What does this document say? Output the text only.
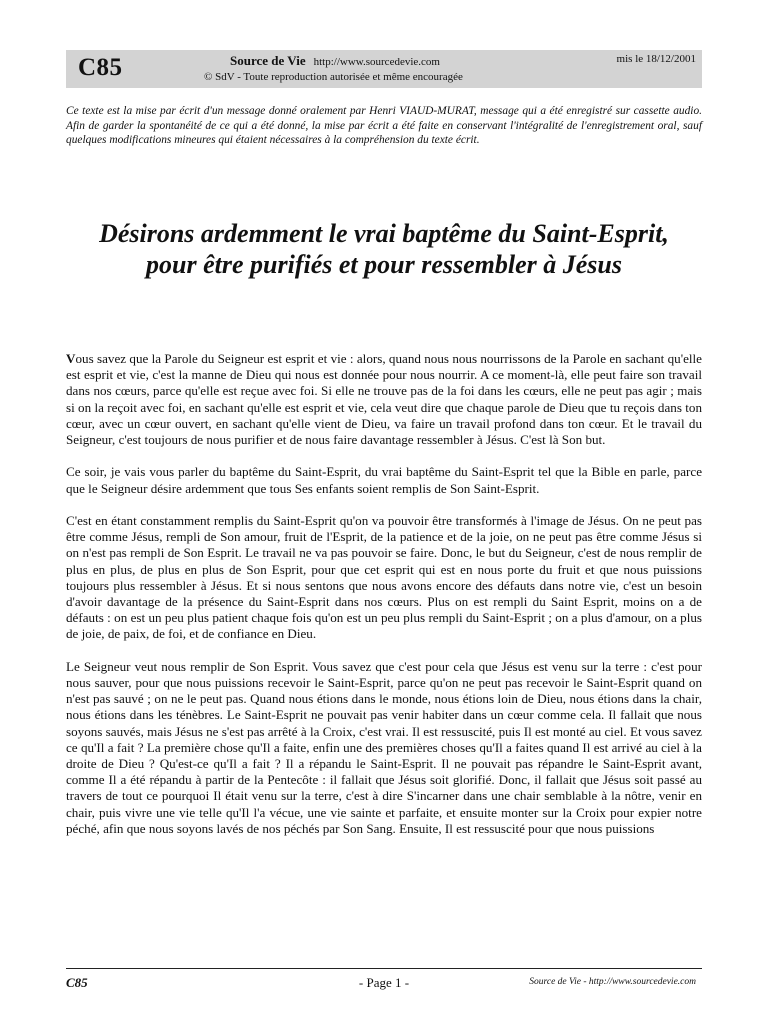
C85	Source de Vie http://www.sourcedevie.com
© SdV - Toute reproduction autorisée et même encouragée
mis le 18/12/2001
Ce texte est la mise par écrit d'un message donné oralement par Henri VIAUD-MURAT, message qui a été enregistré sur cassette audio. Afin de garder la spontanéité de ce qui a été donné, la mise par écrit a été faite en conservant l'intégralité de l'enregistrement oral, sauf quelques modifications mineures qui étaient nécessaires à la compréhension du texte écrit.
Désirons ardemment le vrai baptême du Saint-Esprit,
pour être purifiés et pour ressembler à Jésus

Vous savez que la Parole du Seigneur est esprit et vie : alors, quand nous nous nourrissons de la Parole en sachant qu'elle est esprit et vie, c'est la manne de Dieu qui nous est donnée pour nous nourrir. A ce moment-là, elle peut faire son travail dans nos cœurs, parce qu'elle est reçue avec foi. Si elle ne trouve pas de la foi dans les cœurs, elle ne peut pas agir ; mais si on la reçoit avec foi, en sachant qu'elle est esprit et vie, cela veut dire que chaque parole de Dieu que tu reçois dans ton cœur, avec un cœur ouvert, en sachant qu'elle vient de Dieu, va faire un travail profond dans ton cœur. Et le travail du Seigneur, c'est toujours de nous purifier et de nous faire davantage ressembler à Jésus. C'est là Son but.

Ce soir, je vais vous parler du baptême du Saint-Esprit, du vrai baptême du Saint-Esprit tel que la Bible en parle, parce que le Seigneur désire ardemment que tous Ses enfants soient remplis de Son Saint-Esprit.

C'est en étant constamment remplis du Saint-Esprit qu'on va pouvoir être transformés à l'image de Jésus. On ne peut pas être comme Jésus, rempli de Son amour, fruit de l'Esprit, de la patience et de la joie, on ne peut pas être comme Jésus si on n'est pas rempli de Son Esprit. Le travail ne va pas pouvoir se faire. Donc, le but du Seigneur, c'est de nous remplir de plus en plus, de plus en plus de Son Esprit, pour que cet esprit qui est en nous porte du fruit et que nous puissions toujours plus ressembler à Jésus. Et si nous sentons que nous avons encore des défauts dans notre vie, c'est un besoin d'avoir davantage de la présence du Saint-Esprit dans nos cœurs. Plus on est rempli du Saint Esprit, moins on a de défauts : on est un peu plus patient chaque fois qu'on est un peu plus rempli du Saint-Esprit ; on a plus d'amour, on a plus de joie, de paix, de foi, et de confiance en Dieu.

Le Seigneur veut nous remplir de Son Esprit. Vous savez que c'est pour cela que Jésus est venu sur la terre : c'est pour nous sauver, pour que nous puissions recevoir le Saint-Esprit, parce qu'on ne peut pas recevoir le Saint-Esprit quand on n'est pas sauvé ; on ne le peut pas. Quand nous étions dans le monde, nous étions loin de Dieu, nous étions dans la chair, nous étions dans les ténèbres. Le Saint-Esprit ne pouvait pas venir habiter dans un cœur comme cela. Il fallait que nous soyons sauvés, mais Jésus ne s'est pas arrêté à la Croix, c'est vrai. Il est ressuscité, puis Il est monté au ciel. Et vous savez ce qu'Il a fait ? La première chose qu'Il a faite, enfin une des premières choses qu'Il a faites quand Il est arrivé au ciel à la droite de Dieu ? Qu'est-ce qu'Il a fait ? Il a répandu le Saint-Esprit. Il ne pouvait pas répandre le Saint-Esprit avant, comme Il a été répandu à partir de la Pentecôte : il fallait que Jésus soit glorifié. Donc, il fallait que Jésus soit passé au travers de tout ce pourquoi Il était venu sur la terre, c'est à dire S'incarner dans une chair semblable à la nôtre, venir en chair, puis vivre une vie telle qu'Il l'a vécue, une vie sainte et parfaite, et ensuite monter sur la Croix pour expier notre péché, afin que nous soyons lavés de nos péchés par Son Sang. Ensuite, Il est ressuscité pour que nous puissions

C85	- Page 1 -	Source de Vie - http://www.sourcedevie.com
